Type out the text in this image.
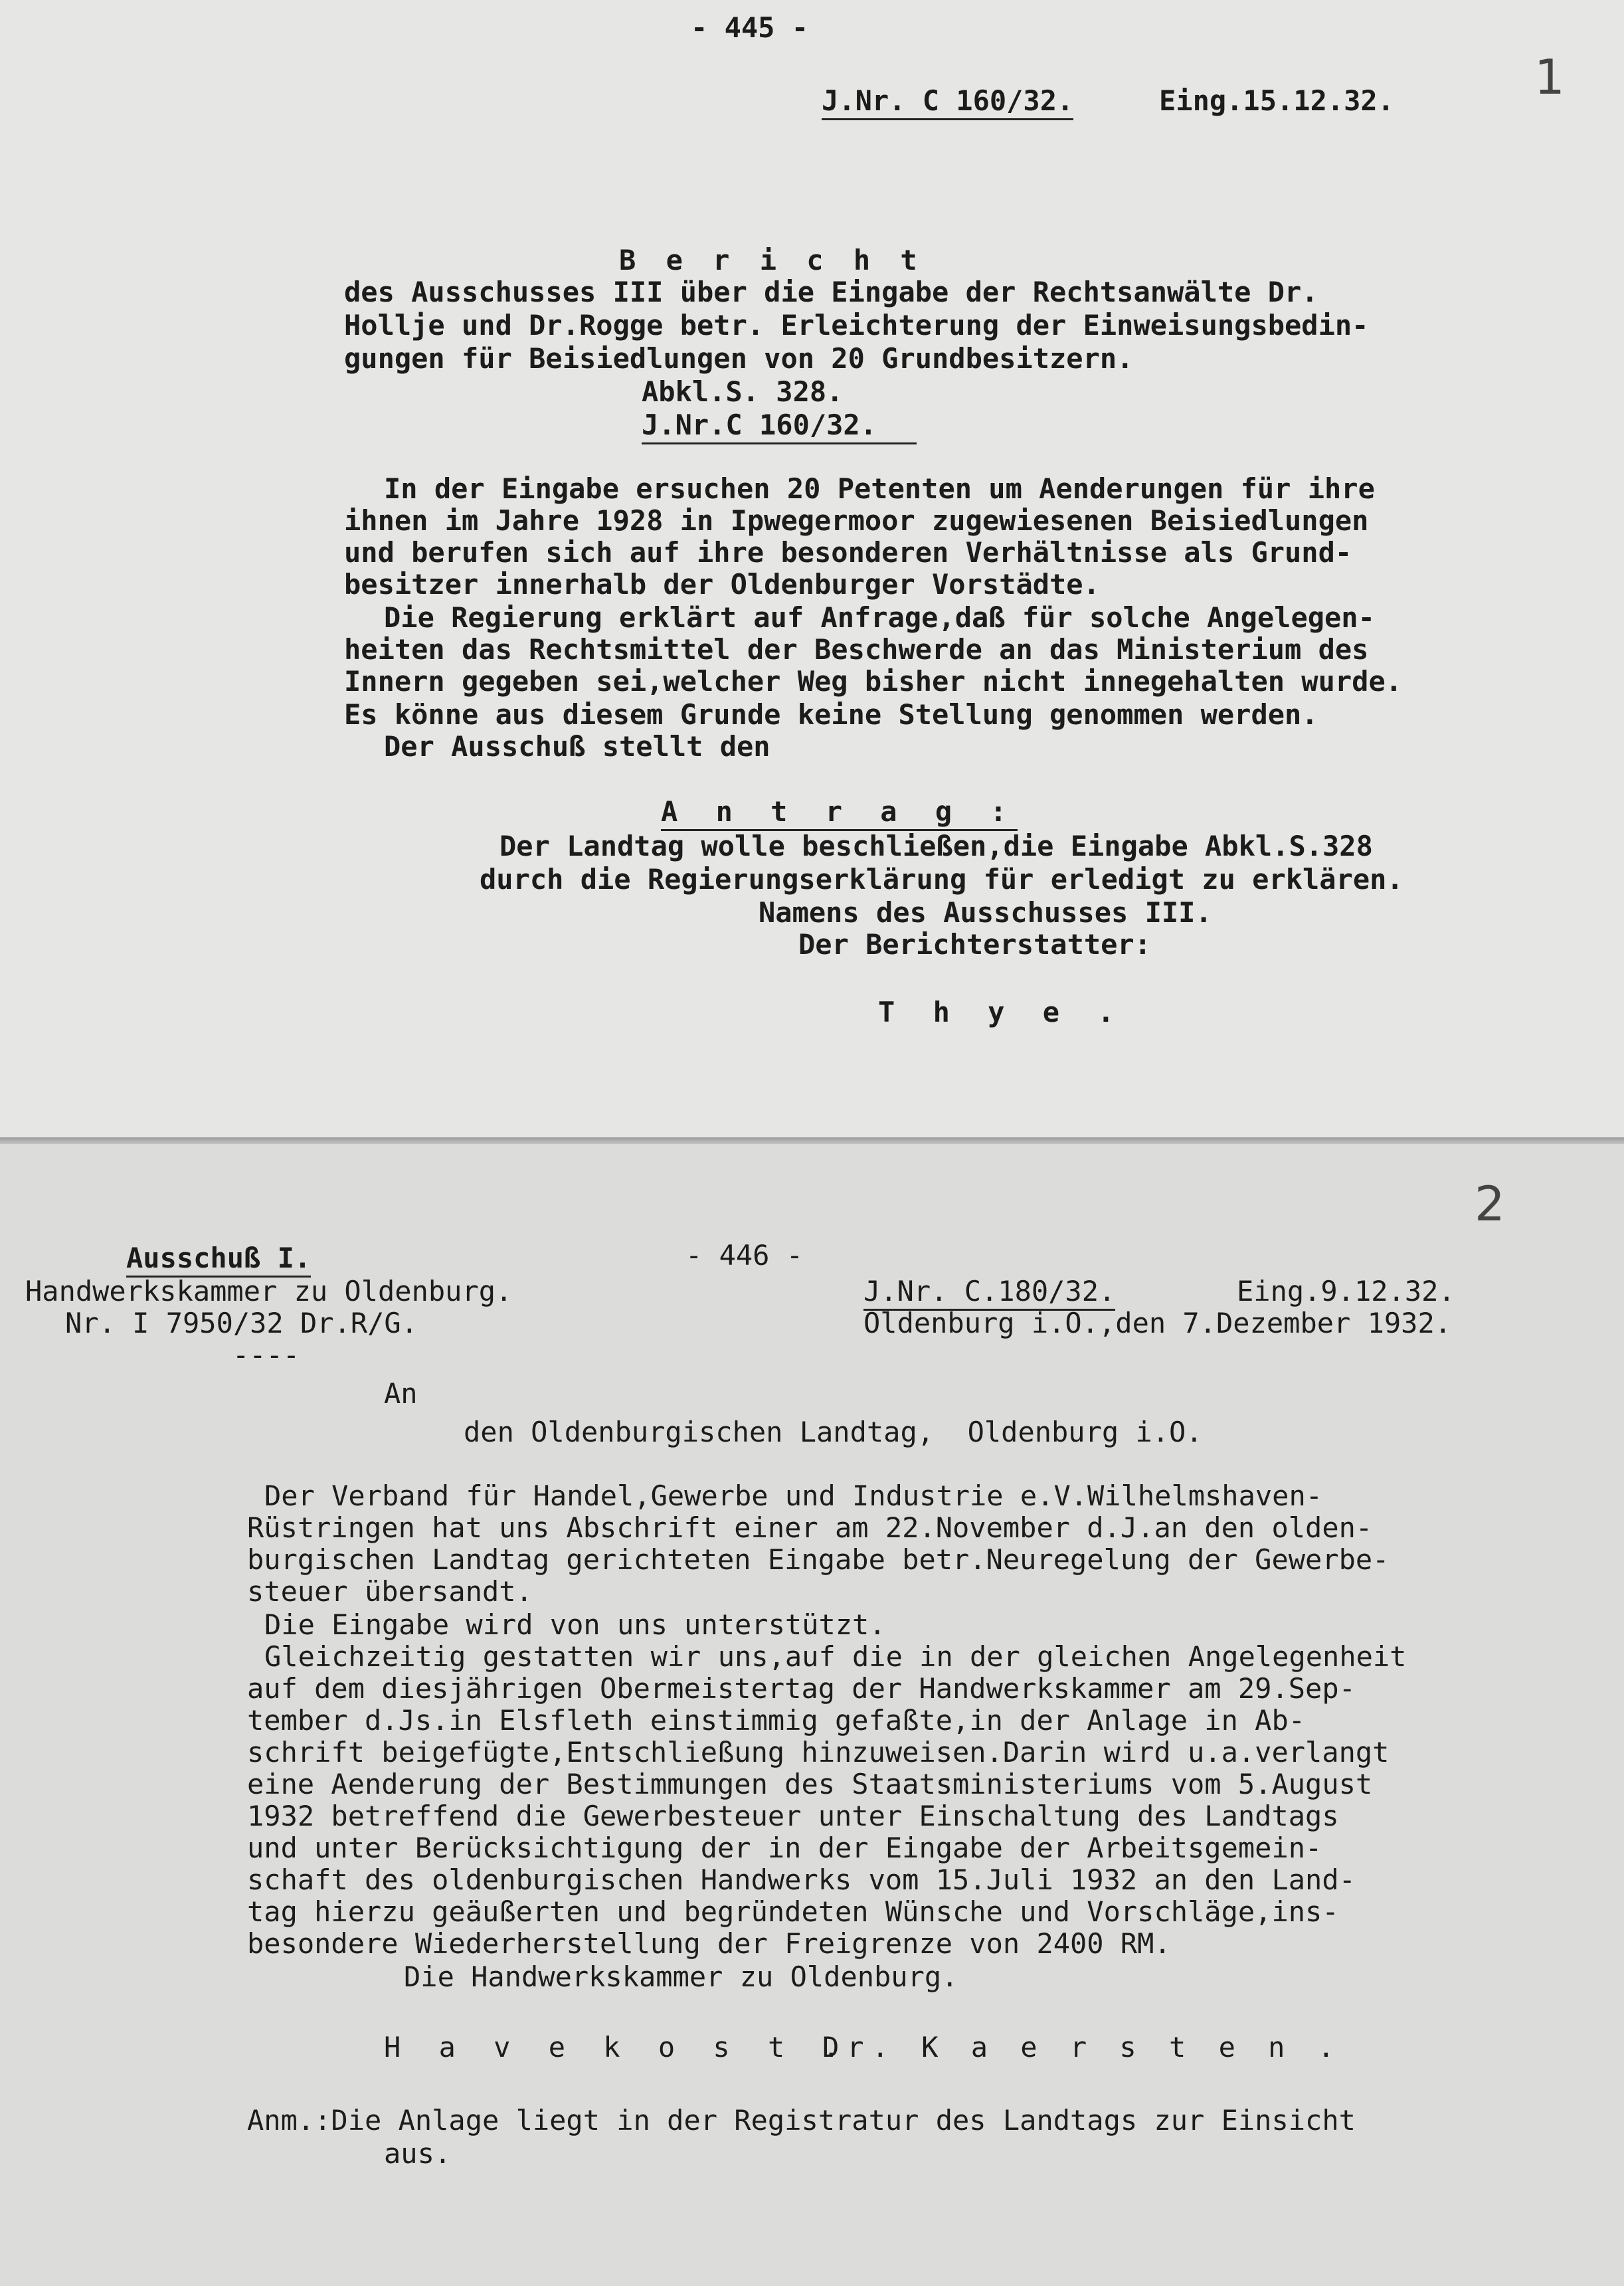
- 445 -
J.Nr. C 160/32.	Eing.15.12.32.	1
B e r i c h t
des Ausschusses III über die Eingabe der Rechtsanwälte Dr.
Hollje und Dr.Rogge betr. Erleichterung der Einweisungsbedin-
gungen für Beisiedlungen von 20 Grundbesitzern.
Abkl.S. 328.
J.Nr.C 160/32.
In der Eingabe ersuchen 20 Petenten um Aenderungen für ihre
ihnen im Jahre 1928 in Ipwegermoor zugewiesenen Beisiedlungen
und berufen sich auf ihre besonderen Verhältnisse als Grund-
besitzer innerhalb der Oldenburger Vorstädte.
Die Regierung erklärt auf Anfrage,daß für solche Angelegen-
heiten das Rechtsmittel der Beschwerde an das Ministerium des
Innern gegeben sei,welcher Weg bisher nicht innegehalten wurde.
Es könne aus diesem Grunde keine Stellung genommen werden.
Der Ausschuß stellt den
A n t r a g :
Der Landtag wolle beschließen,die Eingabe Abkl.S.328
durch die Regierungserklärung für erledigt zu erklären.
Namens des Ausschusses III.
Der Berichterstatter:
T h y e .
Ausschuß I.
Handwerkskammer zu Oldenburg.
Nr. I 7950/32 Dr.R/G.
----
- 446 -
2
J.Nr. C.180/32.	Eing.9.12.32.
Oldenburg i.O.,den 7.Dezember 1932.
An
den Oldenburgischen Landtag,  Oldenburg i.O.
Der Verband für Handel,Gewerbe und Industrie e.V.Wilhelmshaven-
Rüstringen hat uns Abschrift einer am 22.November d.J.an den olden-
burgischen Landtag gerichteten Eingabe betr.Neuregelung der Gewerbe-
steuer übersandt.
Die Eingabe wird von uns unterstützt.
Gleichzeitig gestatten wir uns,auf die in der gleichen Angelegenheit
auf dem diesjährigen Obermeistertag der Handwerkskammer am 29.Sep-
tember d.Js.in Elsfleth einstimmig gefaßte,in der Anlage in Ab-
schrift beigefügte,Entschließung hinzuweisen.Darin wird u.a.verlangt
eine Aenderung der Bestimmungen des Staatsministeriums vom 5.August
1932 betreffend die Gewerbesteuer unter Einschaltung des Landtags
und unter Berücksichtigung der in der Eingabe der Arbeitsgemein-
schaft des oldenburgischen Handwerks vom 15.Juli 1932 an den Land-
tag hierzu geäußerten und begründeten Wünsche und Vorschläge,ins-
besondere Wiederherstellung der Freigrenze von 2400 RM.
Die Handwerkskammer zu Oldenburg.
H a v e k o s t .
Dr. K a e r s t e n .
Anm.:Die Anlage liegt in der Registratur des Landtags zur Einsicht
aus.
